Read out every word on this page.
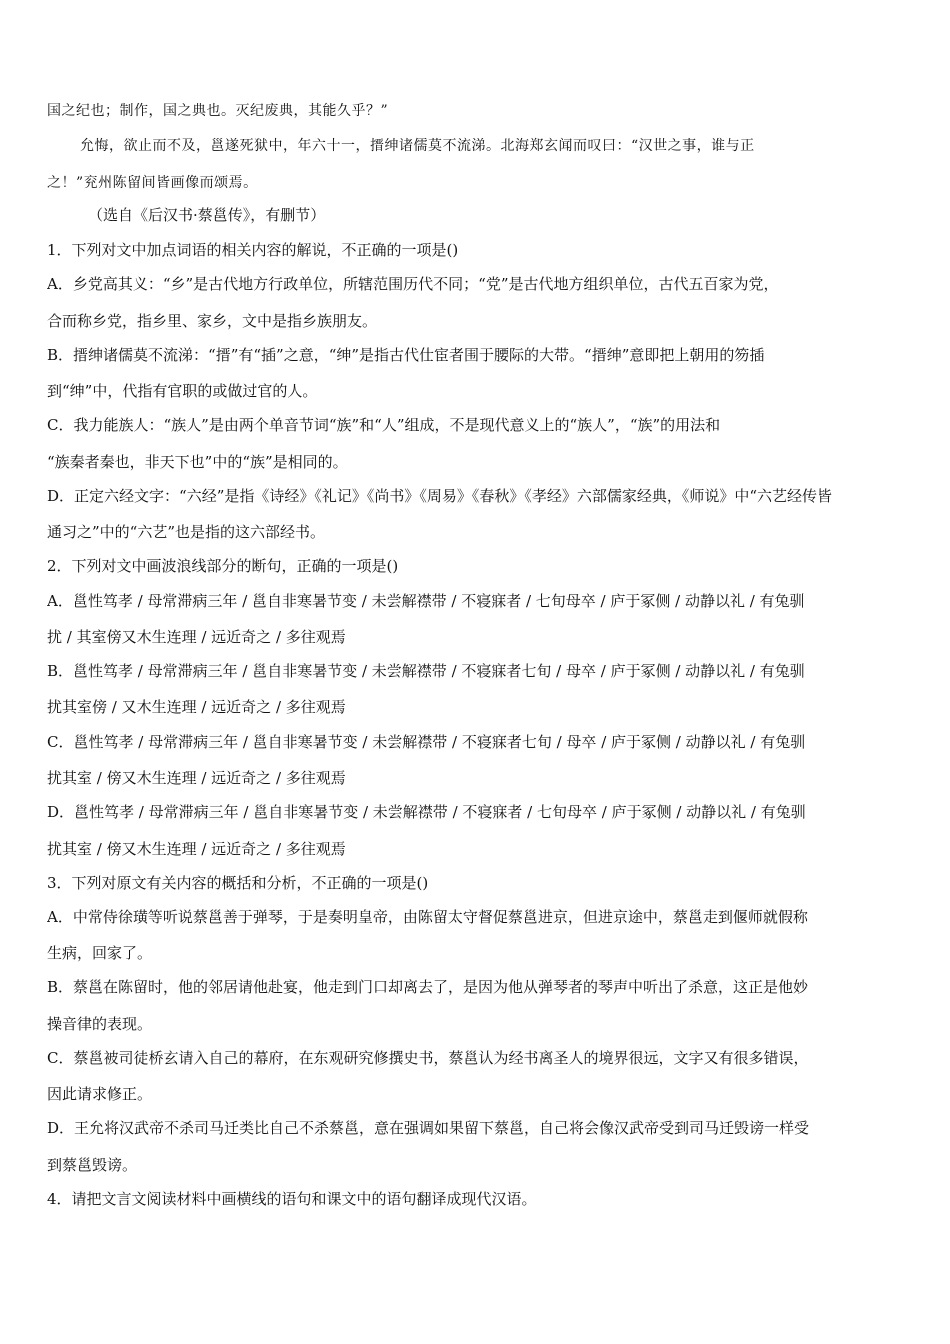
国之纪也；制作，国之典也。灭纪废典，其能久乎？”
允悔，欲止而不及，邕遂死狱中，年六十一，搢绅诸儒莫不流涕。北海郑玄闻而叹曰：“汉世之事，谁与正
之！”兖州陈留间皆画像而颂焉。
（选自《后汉书·蔡邕传》，有删节）
1．下列对文中加点词语的相关内容的解说，不正确的一项是()
A．乡党高其义：“乡”是古代地方行政单位，所辖范围历代不同；“党”是古代地方组织单位，古代五百家为党，
合而称乡党，指乡里、家乡，文中是指乡族朋友。
B．搢绅诸儒莫不流涕：“搢”有“插”之意，“绅”是指古代仕宦者围于腰际的大带。“搢绅”意即把上朝用的笏插
到“绅”中，代指有官职的或做过官的人。
C．我力能族人：“族人”是由两个单音节词“族”和“人”组成，不是现代意义上的“族人”，“族”的用法和
“族秦者秦也，非天下也”中的“族”是相同的。
D．正定六经文字：“六经”是指《诗经》《礼记》《尚书》《周易》《春秋》《孝经》六部儒家经典，《师说》中“六艺经传皆
通习之”中的“六艺”也是指的这六部经书。
2．下列对文中画波浪线部分的断句，正确的一项是()
A．邕性笃孝 / 母常滞病三年 / 邕自非寒暑节变 / 未尝解襟带 / 不寝寐者 / 七旬母卒 / 庐于冢侧 / 动静以礼 / 有兔驯
扰 / 其室傍又木生连理 / 远近奇之 / 多往观焉
B．邕性笃孝 / 母常滞病三年 / 邕自非寒暑节变 / 未尝解襟带 / 不寝寐者七旬 / 母卒 / 庐于冢侧 / 动静以礼 / 有兔驯
扰其室傍 / 又木生连理 / 远近奇之 / 多往观焉
C．邕性笃孝 / 母常滞病三年 / 邕自非寒暑节变 / 未尝解襟带 / 不寝寐者七旬 / 母卒 / 庐于冢侧 / 动静以礼 / 有兔驯
扰其室 / 傍又木生连理 / 远近奇之 / 多往观焉
D．邕性笃孝 / 母常滞病三年 / 邕自非寒暑节变 / 未尝解襟带 / 不寝寐者 / 七旬母卒 / 庐于冢侧 / 动静以礼 / 有兔驯
扰其室 / 傍又木生连理 / 远近奇之 / 多往观焉
3．下列对原文有关内容的概括和分析，不正确的一项是()
A．中常侍徐璜等听说蔡邕善于弹琴，于是奏明皇帝，由陈留太守督促蔡邕进京，但进京途中，蔡邕走到偃师就假称
生病，回家了。
B．蔡邕在陈留时，他的邻居请他赴宴，他走到门口却离去了，是因为他从弹琴者的琴声中听出了杀意，这正是他妙
操音律的表现。
C．蔡邕被司徒桥玄请入自己的幕府，在东观研究修撰史书，蔡邕认为经书离圣人的境界很远，文字又有很多错误，
因此请求修正。
D．王允将汉武帝不杀司马迁类比自己不杀蔡邕，意在强调如果留下蔡邕，自己将会像汉武帝受到司马迁毁谤一样受
到蔡邕毁谤。
4．请把文言文阅读材料中画横线的语句和课文中的语句翻译成现代汉语。
